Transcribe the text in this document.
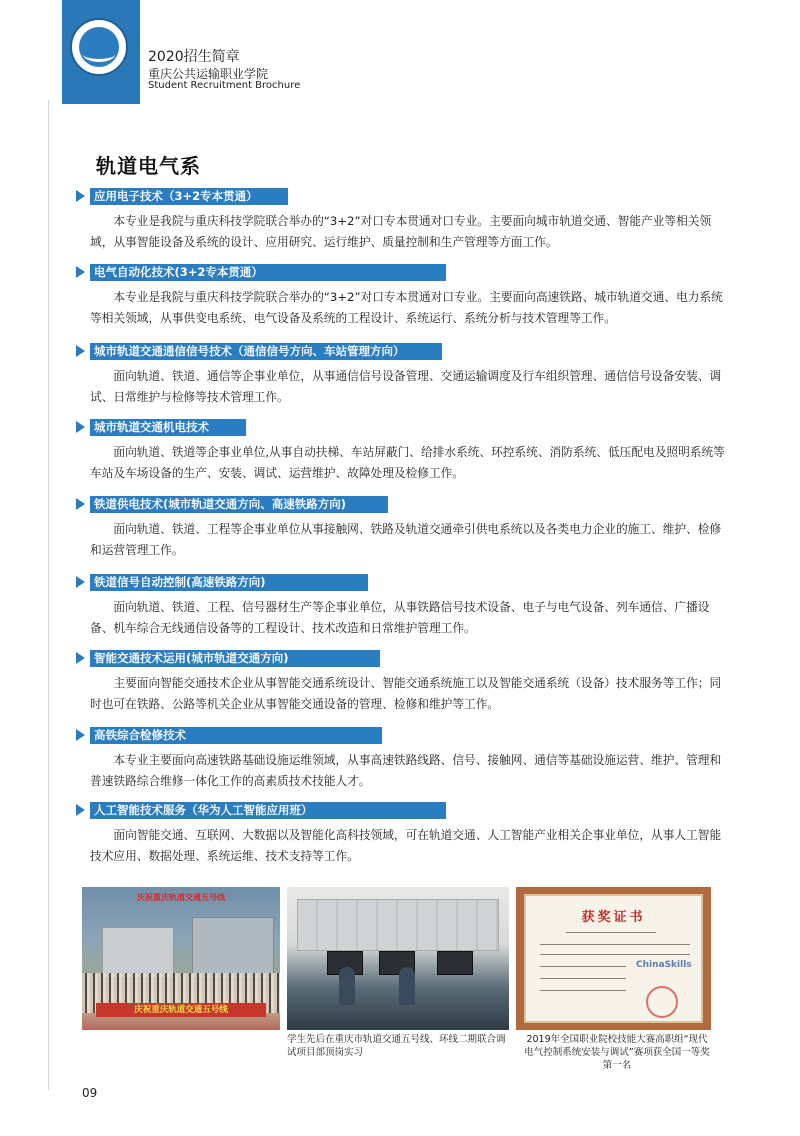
2020招生简章
重庆公共运输职业学院
Student Recruitment Brochure
轨道电气系
应用电子技术（3+2专本贯通）

本专业是我院与重庆科技学院联合举办的“3+2”对口专本贯通对口专业。主要面向城市轨道交通、智能产业等相关领域，从事智能设备及系统的设计、应用研究、运行维护、质量控制和生产管理等方面工作。

电气自动化技术(3+2专本贯通）

本专业是我院与重庆科技学院联合举办的“3+2”对口专本贯通对口专业。主要面向高速铁路、城市轨道交通、电力系统等相关领域，从事供变电系统、电气设备及系统的工程设计、系统运行、系统分析与技术管理等工作。

城市轨道交通通信信号技术（通信信号方向、车站管理方向）

面向轨道、铁道、通信等企事业单位，从事通信信号设备管理、交通运输调度及行车组织管理、通信信号设备安装、调试、日常维护与检修等技术管理工作。

城市轨道交通机电技术

面向轨道、铁道等企事业单位,从事自动扶梯、车站屏蔽门、给排水系统、环控系统、消防系统、低压配电及照明系统等车站及车场设备的生产、安装、调试、运营维护、故障处理及检修工作。

铁道供电技术(城市轨道交通方向、高速铁路方向)

面向轨道、铁道、工程等企事业单位从事接触网、铁路及轨道交通牵引供电系统以及各类电力企业的施工、维护、检修和运营管理工作。

铁道信号自动控制(高速铁路方向)

面向轨道、铁道、工程、信号器材生产等企事业单位，从事铁路信号技术设备、电子与电气设备、列车通信、广播设备、机车综合无线通信设备等的工程设计、技术改造和日常维护管理工作。

智能交通技术运用(城市轨道交通方向)

主要面向智能交通技术企业从事智能交通系统设计、智能交通系统施工以及智能交通系统（设备）技术服务等工作；同时也可在铁路、公路等机关企业从事智能交通设备的管理、检修和维护等工作。

高铁综合检修技术

本专业主要面向高速铁路基础设施运维领域，从事高速铁路线路、信号、接触网、通信等基础设施运营、维护、管理和普速铁路综合维修一体化工作的高素质技术技能人才。

人工智能技术服务（华为人工智能应用班）

面向智能交通、互联网、大数据以及智能化高科技领域，可在轨道交通、人工智能产业相关企事业单位，从事人工智能技术应用、数据处理、系统运维、技术支持等工作。

庆祝重庆轨道交通五号线
庆祝重庆轨道交通五号线
获奖证书
ChinaSkills
学生先后在重庆市轨道交通五号线、环线二期联合调试项目部顶岗实习
2019年全国职业院校技能大赛高职组“现代电气控制系统安装与调试”赛项获全国一等奖第一名
09
